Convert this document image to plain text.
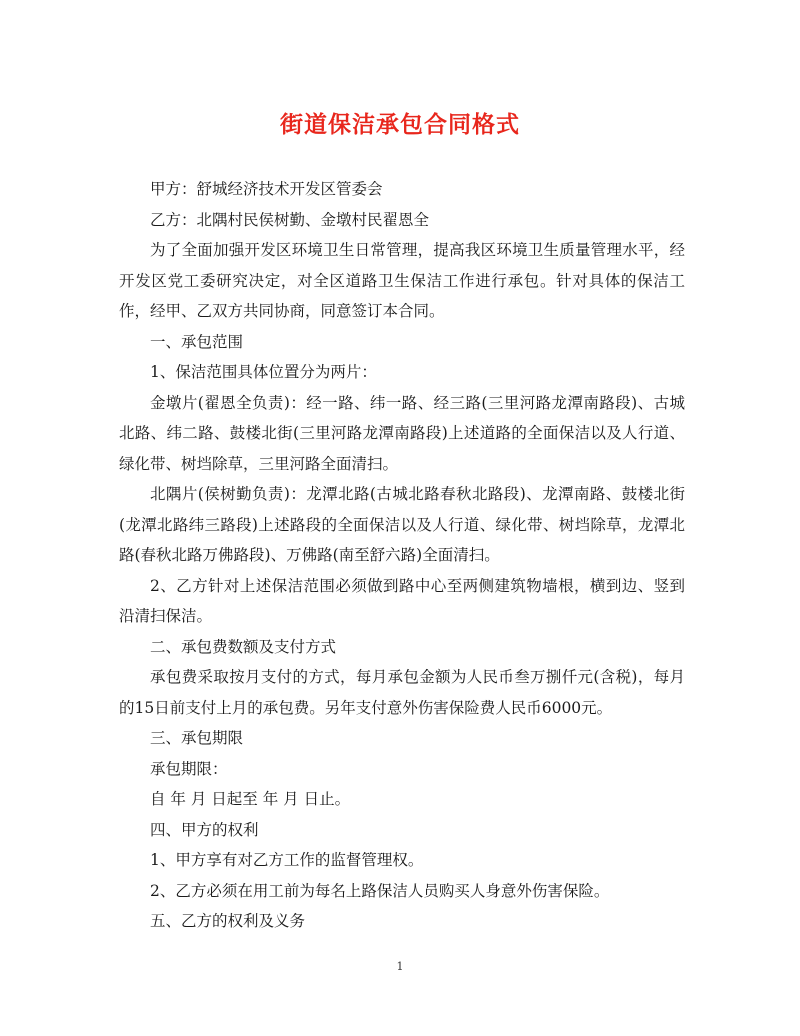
街道保洁承包合同格式

甲方：舒城经济技术开发区管委会

乙方：北隅村民侯树勤、金墩村民翟恩全

为了全面加强开发区环境卫生日常管理，提高我区环境卫生质量管理水平，经开发区党工委研究决定，对全区道路卫生保洁工作进行承包。针对具体的保洁工作，经甲、乙双方共同协商，同意签订本合同。

一、承包范围

1、保洁范围具体位置分为两片：

金墩片(翟恩全负责)：经一路、纬一路、经三路(三里河路龙潭南路段)、古城北路、纬二路、鼓楼北街(三里河路龙潭南路段)上述道路的全面保洁以及人行道、绿化带、树垱除草，三里河路全面清扫。

北隅片(侯树勤负责)：龙潭北路(古城北路春秋北路段)、龙潭南路、鼓楼北街(龙潭北路纬三路段)上述路段的全面保洁以及人行道、绿化带、树垱除草，龙潭北路(春秋北路万佛路段)、万佛路(南至舒六路)全面清扫。

2、乙方针对上述保洁范围必须做到路中心至两侧建筑物墙根，横到边、竖到沿清扫保洁。

二、承包费数额及支付方式

承包费采取按月支付的方式，每月承包金额为人民币叁万捌仟元(含税)，每月的15日前支付上月的承包费。另年支付意外伤害保险费人民币6000元。

三、承包期限

承包期限：

自 年 月 日起至 年 月 日止。

四、甲方的权利

1、甲方享有对乙方工作的监督管理权。

2、乙方必须在用工前为每名上路保洁人员购买人身意外伤害保险。

五、乙方的权利及义务

1
